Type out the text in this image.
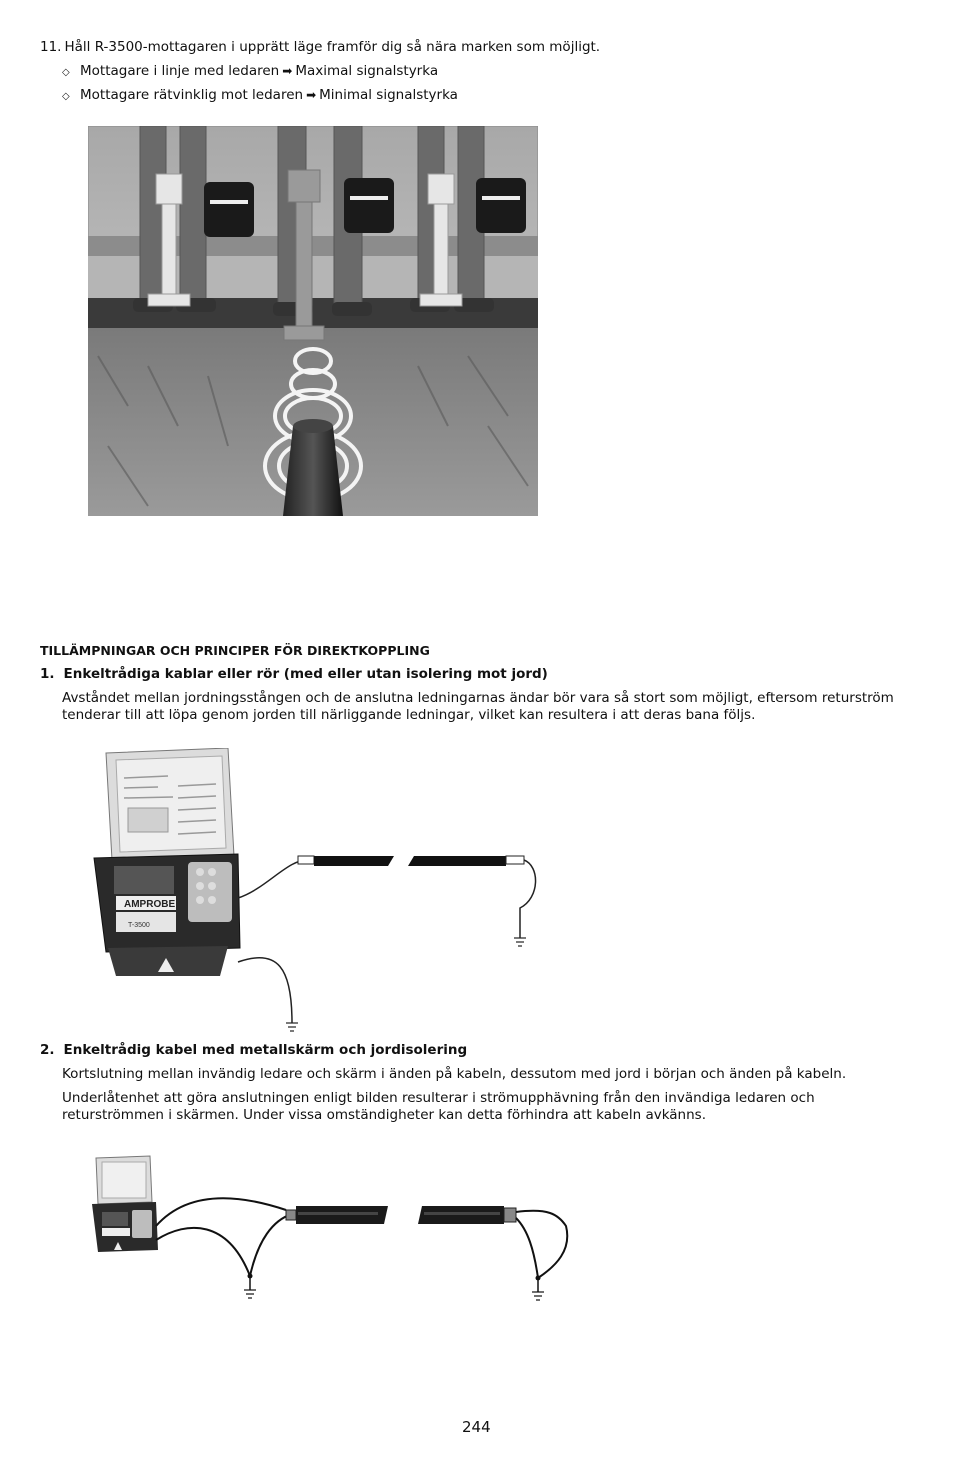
11. Håll R-3500-mottagaren i upprätt läge framför dig så nära marken som möjligt.
◇ Mottagare i linje med ledaren ➡ Maximal signalstyrka
◇ Mottagare rätvinklig mot ledaren ➡ Minimal signalstyrka
TILLÄMPNINGAR OCH PRINCIPER FÖR DIREKTKOPPLING
1. Enkeltrådiga kablar eller rör (med eller utan isolering mot jord)
Avståndet mellan jordningsstången och de anslutna ledningarnas ändar bör vara så stort som möjligt, eftersom returström
tenderar till att löpa genom jorden till närliggande ledningar, vilket kan resultera i att deras bana följs.
AMPROBE
T-3500
2. Enkeltrådig kabel med metallskärm och jordisolering
Kortslutning mellan invändig ledare och skärm i änden på kabeln, dessutom med jord i början och änden på kabeln.
Underlåtenhet att göra anslutningen enligt bilden resulterar i strömupphävning från den invändiga ledaren och
returströmmen i skärmen. Under vissa omständigheter kan detta förhindra att kabeln avkänns.
244
